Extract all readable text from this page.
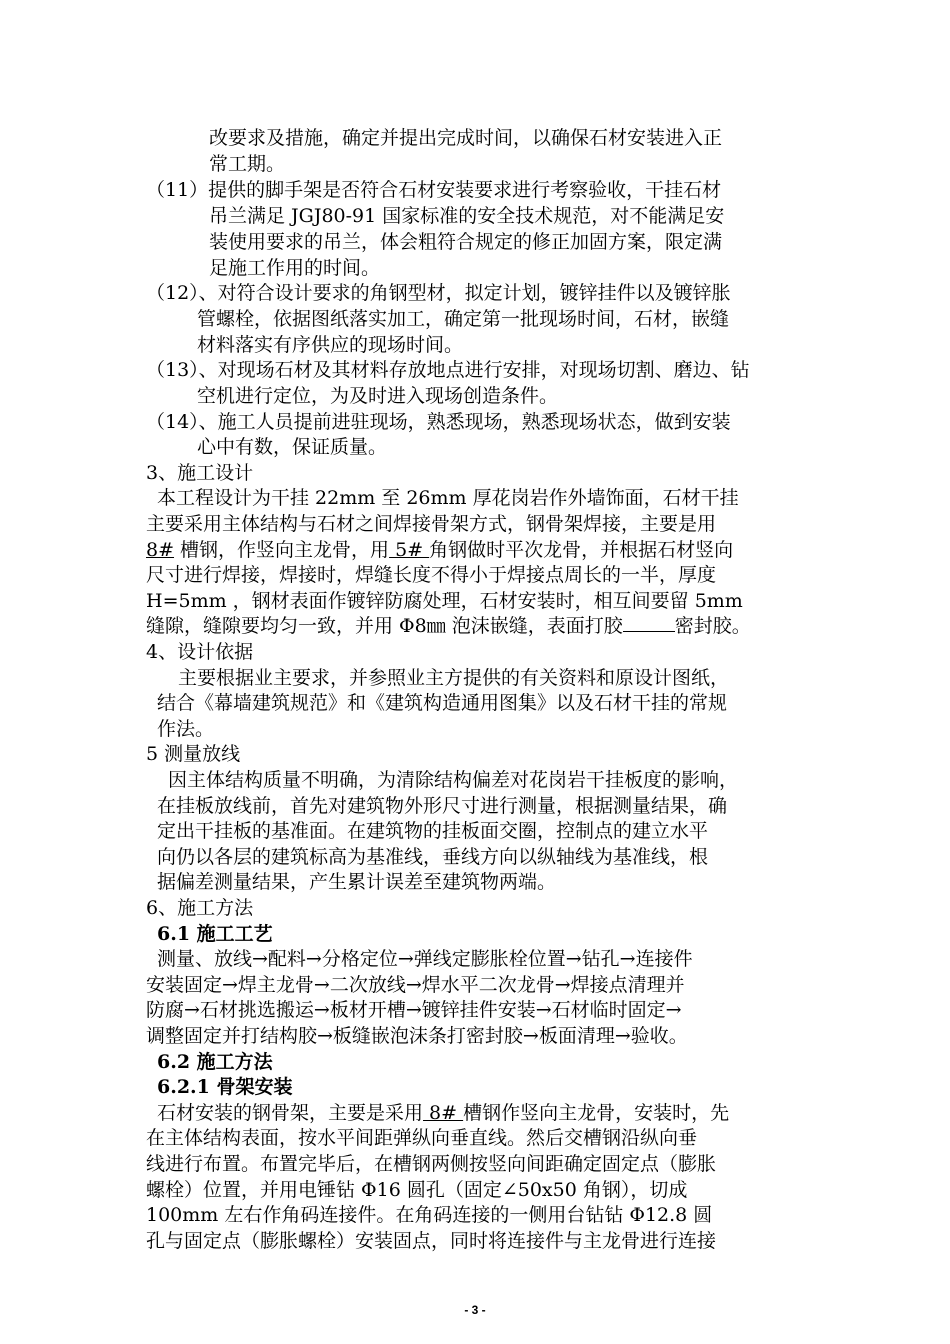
改要求及措施，确定并提出完成时间，以确保石材安装进入正
常工期。
（11）提供的脚手架是否符合石材安装要求进行考察验收，干挂石材
吊兰满足 JGJ80-91 国家标准的安全技术规范，对不能满足安
装使用要求的吊兰，体会粗符合规定的修正加固方案，限定满
足施工作用的时间。
（12）、对符合设计要求的角钢型材，拟定计划，镀锌挂件以及镀锌胀
管螺栓，依据图纸落实加工，确定第一批现场时间，石材，嵌缝
材料落实有序供应的现场时间。
（13）、对现场石材及其材料存放地点进行安排，对现场切割、磨边、钻
空机进行定位，为及时进入现场创造条件。
（14）、施工人员提前进驻现场，熟悉现场，熟悉现场状态，做到安装
心中有数，保证质量。
3、施工设计
本工程设计为干挂 22mm 至 26mm 厚花岗岩作外墙饰面，石材干挂
主要采用主体结构与石材之间焊接骨架方式，钢骨架焊接，主要是用
8# 槽钢，作竖向主龙骨，用 5# 角钢做时平次龙骨，并根据石材竖向
尺寸进行焊接，焊接时，焊缝长度不得小于焊接点周长的一半，厚度
H=5mm ，钢材表面作镀锌防腐处理，石材安装时，相互间要留 5mm
缝隙，缝隙要均匀一致，并用 Φ8㎜ 泡沫嵌缝，表面打胶	密封胶。
4、设计依据
主要根据业主要求，并参照业主方提供的有关资料和原设计图纸，
结合《幕墙建筑规范》和《建筑构造通用图集》以及石材干挂的常规
作法。
5 测量放线
因主体结构质量不明确，为清除结构偏差对花岗岩干挂板度的影响，
在挂板放线前，首先对建筑物外形尺寸进行测量，根据测量结果，确
定出干挂板的基准面。在建筑物的挂板面交圈，控制点的建立水平
向仍以各层的建筑标高为基准线，垂线方向以纵轴线为基准线，根
据偏差测量结果，产生累计误差至建筑物两端。
6、施工方法
6.1 施工工艺
测量、放线→配料→分格定位→弹线定膨胀栓位置→钻孔→连接件
安装固定→焊主龙骨→二次放线→焊水平二次龙骨→焊接点清理并
防腐→石材挑选搬运→板材开槽→镀锌挂件安装→石材临时固定→
调整固定并打结构胶→板缝嵌泡沫条打密封胶→板面清理→验收。
6.2 施工方法
6.2.1 骨架安装
石材安装的钢骨架，主要是采用 8# 槽钢作竖向主龙骨，安装时，先
在主体结构表面，按水平间距弹纵向垂直线。然后交槽钢沿纵向垂
线进行布置。布置完毕后，在槽钢两侧按竖向间距确定固定点（膨胀
螺栓）位置，并用电锤钻 Φ16 圆孔（固定∠50x50 角钢），切成
100mm 左右作角码连接件。在角码连接的一侧用台钻钻 Φ12.8 圆
孔与固定点（膨胀螺栓）安装固点，同时将连接件与主龙骨进行连接
- 3 -
